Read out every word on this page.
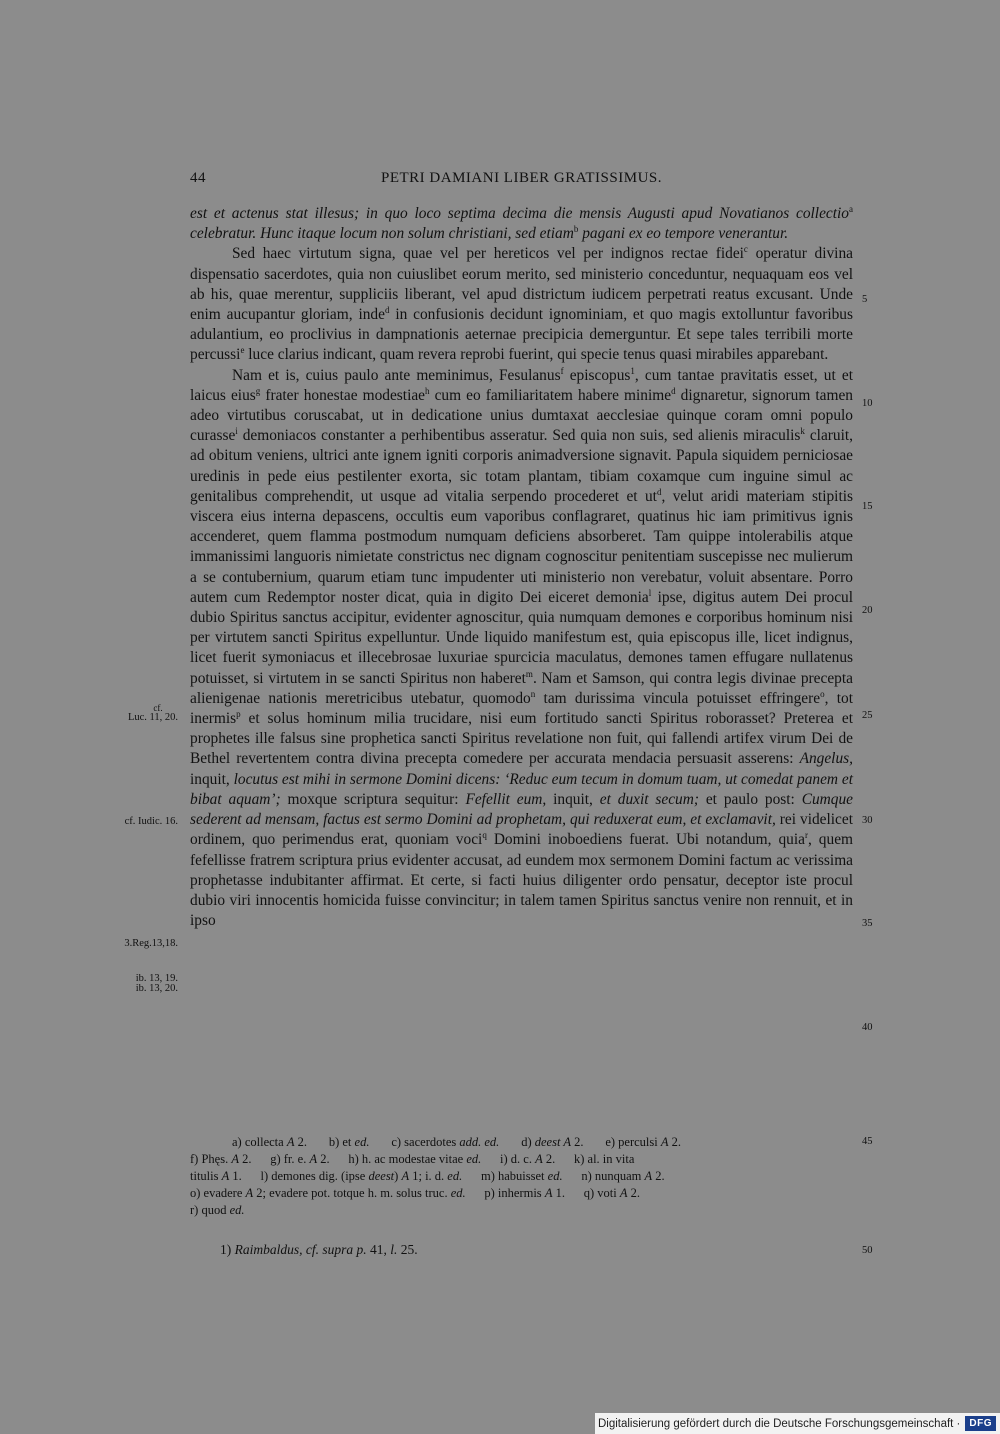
44	PETRI DAMIANI LIBER GRATISSIMUS.

est et actenus stat illesus; in quo loco septima decima die mensis Augusti apud Novatianos collectio$^a$ celebratur. Hunc itaque locum non solum christiani, sed etiam$^b$ pagani ex eo tempore venerantur.

Sed haec virtutum signa, quae vel per hereticos vel per indignos rectae fidei$^c$ operatur divina dispensatio sacerdotes, quia non cuiuslibet eorum merito, sed ministerio conceduntur, nequaquam eos vel ab his, quae merentur, suppliciis liberant, vel apud districtum iudicem perpetrati reatus excusant. Unde enim aucupantur gloriam, inde$^d$ in confusionis decidunt ignominiam, et quo magis extolluntur favoribus adulantium, eo proclivius in dampnationis aeternae precipicia demerguntur. Et sepe tales terribili morte percussi$^e$ luce clarius indicant, quam revera reprobi fuerint, qui specie tenus quasi mirabiles apparebant.

Nam et is, cuius paulo ante meminimus, Fesulanus$^f$ episcopus$^1$, cum tantae pravitatis esset, ut et laicus eius$^g$ frater honestae modestiae$^h$ cum eo familiaritatem habere minime$^d$ dignaretur, signorum tamen adeo virtutibus coruscabat, ut in dedicatione unius dumtaxat aecclesiae quinque coram omni populo curasse$^i$ demoniacos constanter a perhibentibus asseratur. Sed quia non suis, sed alienis miraculis$^k$ claruit, ad obitum veniens, ultrici ante ignem igniti corporis animadversione signavit. Papula siquidem perniciosae uredinis in pede eius pestilenter exorta, sic totam plantam, tibiam coxamque cum inguine simul ac genitalibus comprehendit, ut usque ad vitalia serpendo procederet et $ut^d$, velut aridi materiam stipitis viscera eius interna depascens, occultis eum vaporibus conflagraret, quatinus hic iam primitivus ignis accenderet, quem flamma postmodum numquam deficiens absorberet. Tam quippe intolerabilis atque immanissimi languoris nimietate constrictus nec dignam cognoscitur penitentiam suscepisse nec mulierum a se contubernium, quarum etiam tunc impudenter uti ministerio non verebatur, voluit absentare. Porro autem cum Redemptor noster dicat, quia in digito Dei eiceret demonia$^l$ ipse, digitus autem Dei procul dubio Spiritus sanctus accipitur, evidenter agnoscitur, quia numquam demones e corporibus hominum nisi per virtutem sancti Spiritus expelluntur. Unde liquido manifestum est, quia episcopus ille, licet indignus, licet fuerit symoniacus et illecebrosae luxuriae spurcicia maculatus, demones tamen effugare nullatenus potuisset, si virtutem in se sancti Spiritus non haberet$^m$. Nam et Samson, qui contra legis divinae precepta alienigenae nationis meretricibus utebatur, quomodo$^n$ tam durissima vincula potuisset effringere$^o$, tot inermis$^p$ et solus hominum milia trucidare, nisi eum fortitudo sancti Spiritus roborasset? Preterea et prophetes ille falsus sine prophetica sancti Spiritus revelatione non fuit, qui fallendi artifex virum Dei de Bethel revertentem contra divina precepta comedere per accurata mendacia persuasit asserens: Angelus, inquit, locutus est mihi in sermone Domini dicens: ‘Reduc eum tecum in domum tuam, ut comedat panem et bibat aquam’; moxque scriptura sequitur: Fefellit eum, inquit, et duxit secum; et paulo post: Cumque sederent ad mensam, factus est sermo Domini ad prophetam, qui reduxerat eum, et exclamavit, rei videlicet ordinem, quo perimendus erat, quoniam voci$^q$ Domini inoboediens fuerat. Ubi notandum, quia$^r$, quem fefellisse fratrem scriptura prius evidenter accusat, ad eundem mox sermonem Domini factum ac verissima prophetasse indubitanter affirmat. Et certe, si facti huius diligenter ordo pensatur, deceptor iste procul dubio viri innocentis homicida fuisse convincitur; in talem tamen Spiritus sanctus venire non rennuit, et in ipso

cf.
Luc. 11, 20.
cf. Iudic. 16.
3.Reg.13,18.
ib. 13, 19.
ib. 13, 20.
5
10
15
20
25
30
35
40
45
50

a) collecta A 2.       b) et ed.       c) sacerdotes add. ed.       d) deest A 2.       e) perculsi A 2.

f) Phęs. A 2.      g) fr. e. A 2.      h) h. ac modestae vitae ed.      i) d. c. A 2.      k) al. in vita

titulis A 1.      l) demones dig. (ipse deest) A 1; i. d. ed.      m) habuisset ed.      n) nunquam A 2.

o) evadere A 2; evadere pot. totque h. m. solus truc. ed.      p) inhermis A 1.      q) voti A 2.

r) quod ed.

1) Raimbaldus, cf. supra p. 41, l. 25.
Digitalisierung gefördert durch die Deutsche Forschungsgemeinschaft · DFG
